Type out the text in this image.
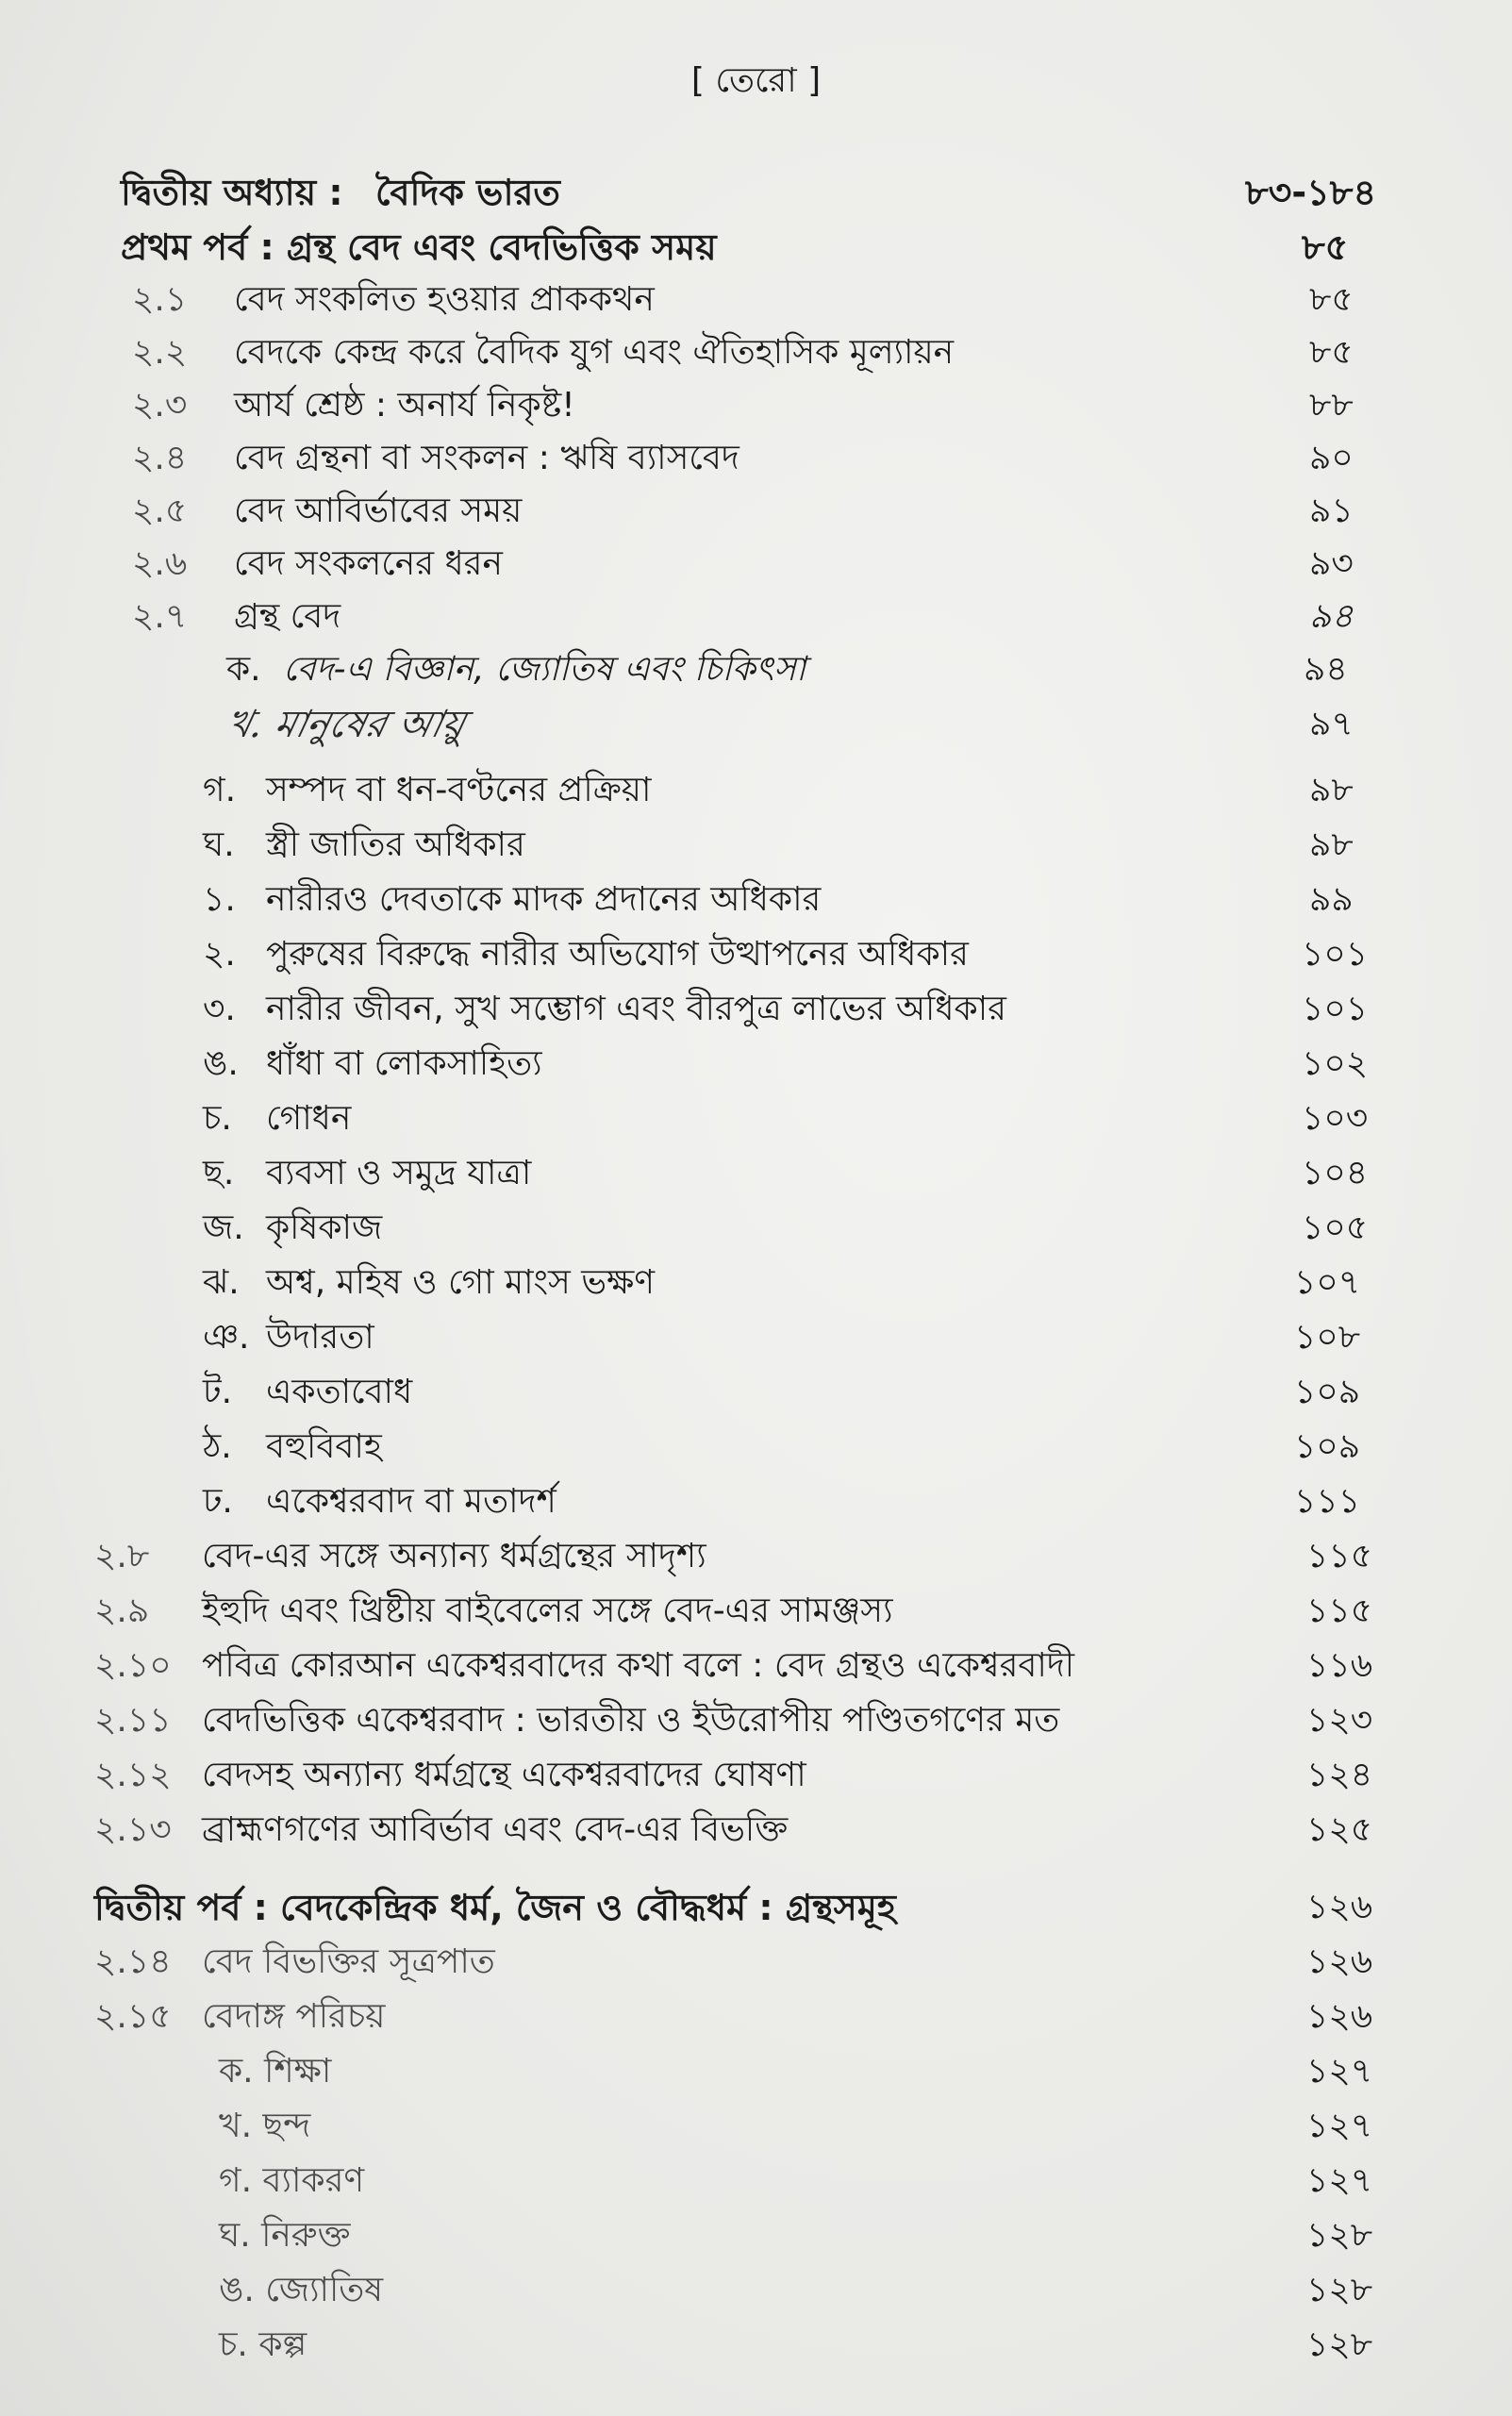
[ তেরো ]
দ্বিতীয় অধ্যায় : বৈদিক ভারত	৮৩-১৮৪
প্রথম পর্ব : গ্রন্থ বেদ এবং বেদভিত্তিক সময়	৮৫
২.১ বেদ সংকলিত হওয়ার প্রাককথন	৮৫
২.২ বেদকে কেন্দ্র করে বৈদিক যুগ এবং ঐতিহাসিক মূল্যায়ন	৮৫
২.৩ আর্য শ্রেষ্ঠ : অনার্য নিকৃষ্ট!	৮৮
২.৪ বেদ গ্রন্থনা বা সংকলন : ঋষি ব্যাসবেদ	৯০
২.৫ বেদ আবির্ভাবের সময়	৯১
২.৬ বেদ সংকলনের ধরন	৯৩
২.৭ গ্রন্থ বেদ	৯৪
ক. বেদ-এ বিজ্ঞান, জ্যোতিষ এবং চিকিৎসা	৯৪
খ. মানুষের আয়ু	৯৭
গ. সম্পদ বা ধন-বণ্টনের প্রক্রিয়া	৯৮
ঘ. স্ত্রী জাতির অধিকার	৯৮
১. নারীরও দেবতাকে মাদক প্রদানের অধিকার	৯৯
২. পুরুষের বিরুদ্ধে নারীর অভিযোগ উত্থাপনের অধিকার	১০১
৩. নারীর জীবন, সুখ সম্ভোগ এবং বীরপুত্র লাভের অধিকার	১০১
ঙ. ধাঁধা বা লোকসাহিত্য	১০২
চ. গোধন	১০৩
ছ. ব্যবসা ও সমুদ্র যাত্রা	১০৪
জ. কৃষিকাজ	১০৫
ঝ. অশ্ব, মহিষ ও গো মাংস ভক্ষণ	১০৭
ঞ. উদারতা	১০৮
ট. একতাবোধ	১০৯
ঠ. বহুবিবাহ	১০৯
ঢ. একেশ্বরবাদ বা মতাদর্শ	১১১
২.৮ বেদ-এর সঙ্গে অন্যান্য ধর্মগ্রন্থের সাদৃশ্য	১১৫
২.৯ ইহুদি এবং খ্রিষ্টীয় বাইবেলের সঙ্গে বেদ-এর সামঞ্জস্য	১১৫
২.১০ পবিত্র কোরআন একেশ্বরবাদের কথা বলে : বেদ গ্রন্থও একেশ্বরবাদী	১১৬
২.১১ বেদভিত্তিক একেশ্বরবাদ : ভারতীয় ও ইউরোপীয় পণ্ডিতগণের মত	১২৩
২.১২ বেদসহ অন্যান্য ধর্মগ্রন্থে একেশ্বরবাদের ঘোষণা	১২৪
২.১৩ ব্রাহ্মণগণের আবির্ভাব এবং বেদ-এর বিভক্তি	১২৫
দ্বিতীয় পর্ব : বেদকেন্দ্রিক ধর্ম, জৈন ও বৌদ্ধধর্ম : গ্রন্থসমূহ	১২৬
২.১৪ বেদ বিভক্তির সূত্রপাত	১২৬
২.১৫ বেদাঙ্গ পরিচয়	১২৬
ক. শিক্ষা	১২৭
খ. ছন্দ	১২৭
গ. ব্যাকরণ	১২৭
ঘ. নিরুক্ত	১২৮
ঙ. জ্যোতিষ	১২৮
চ. কল্প	১২৮
